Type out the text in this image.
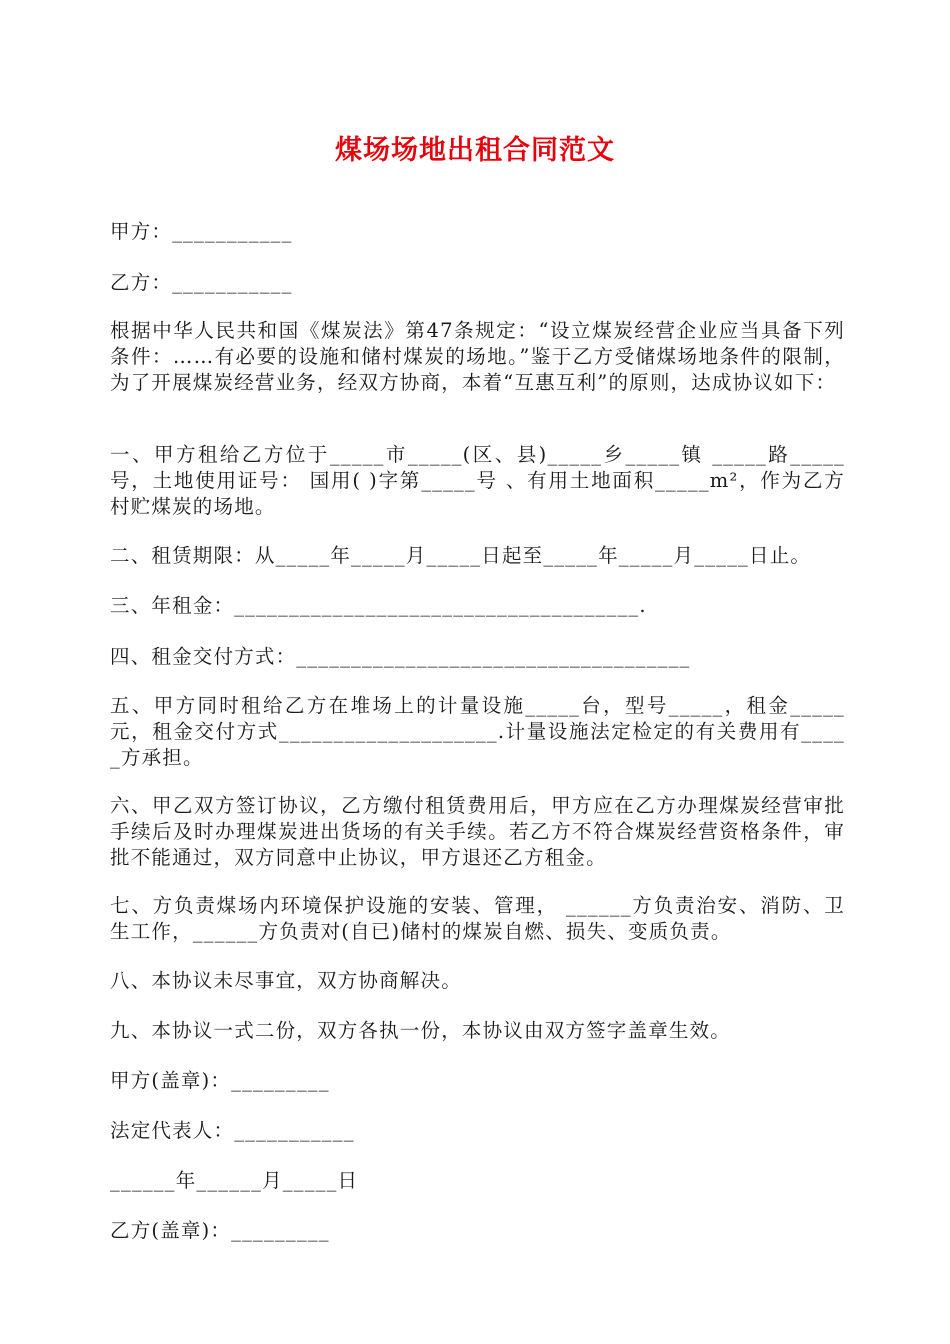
煤场场地出租合同范文
甲方：___________
乙方：___________
根据中华人民共和国《煤炭法》第47条规定：“设立煤炭经营企业应当具备下列条件：……有必要的设施和储村煤炭的场地。”鉴于乙方受储煤场地条件的限制，为了开展煤炭经营业务，经双方协商，本着“互惠互利”的原则，达成协议如下：
一、甲方租给乙方位于_____市_____(区、县)_____乡_____镇 _____路_____号，土地使用证号： 国用( )字第_____号 、有用土地面积_____m²，作为乙方村贮煤炭的场地。
二、租赁期限：从_____年_____月_____日起至_____年_____月_____日止。
三、年租金：_____________________________________.
四、租金交付方式：____________________________________
五、甲方同时租给乙方在堆场上的计量设施_____台，型号_____，租金_____元，租金交付方式____________________.计量设施法定检定的有关费用有_____方承担。
六、甲乙双方签订协议，乙方缴付租赁费用后，甲方应在乙方办理煤炭经营审批手续后及时办理煤炭进出货场的有关手续。若乙方不符合煤炭经营资格条件，审批不能通过，双方同意中止协议，甲方退还乙方租金。
七、方负责煤场内环境保护设施的安装、管理， ______方负责治安、消防、卫生工作，______方负责对(自已)储村的煤炭自燃、损失、变质负责。
八、本协议未尽事宜，双方协商解决。
九、本协议一式二份，双方各执一份，本协议由双方签字盖章生效。
甲方(盖章)：_________
法定代表人：___________
______年______月_____日
乙方(盖章)：_________
